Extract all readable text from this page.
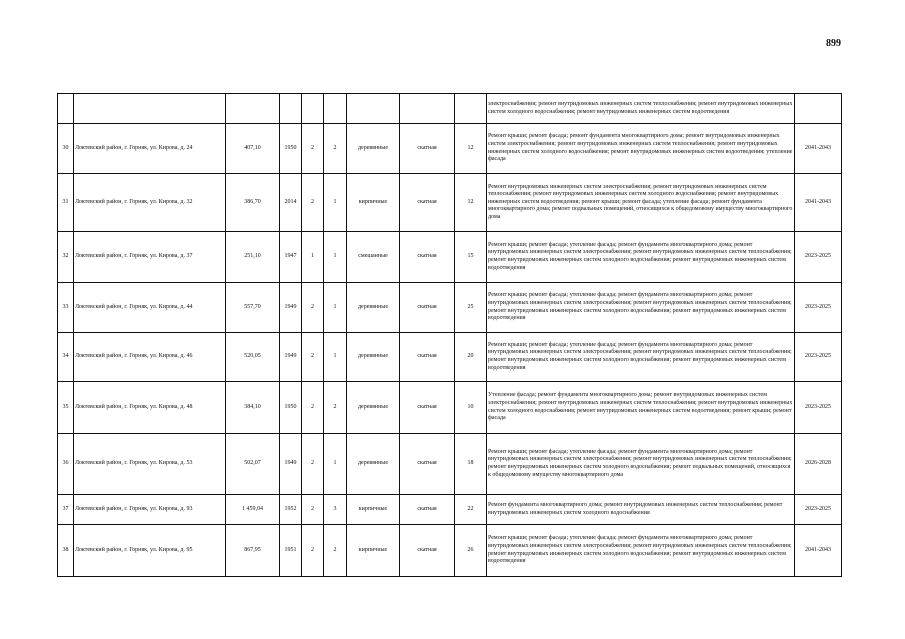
899
									электроснабжения; ремонт внутридомовых инженерных систем теплоснабжения; ремонт внутридомовых инженерных систем холодного водоснабжения; ремонт внутридомовых инженерных систем водоотведения	
30	Локтевский район, г. Горняк, ул. Кирова, д. 24	407,10	1950	2	2	деревянные	скатная	12	Ремонт крыши; ремонт фасада; ремонт фундамента многоквартирного дома; ремонт внутридомовых инженерных систем электроснабжения; ремонт внутридомовых инженерных систем теплоснабжения; ремонт внутридомовых инженерных систем холодного водоснабжения; ремонт внутридомовых инженерных систем водоотведения; утепление фасада	2041-2043
31	Локтевский район, г. Горняк, ул. Кирова, д. 32	386,70	2014	2	1	кирпичные	скатная	12	Ремонт внутридомовых инженерных систем электроснабжения; ремонт внутридомовых инженерных систем теплоснабжения; ремонт внутридомовых инженерных систем холодного водоснабжения; ремонт внутридомовых инженерных систем водоотведения; ремонт крыши; ремонт фасада; утепление фасада; ремонт фундамента многоквартирного дома; ремонт подвальных помещений, относящихся к общедомовому имуществу многоквартирного дома	2041-2043
32	Локтевский район, г. Горняк, ул. Кирова, д. 37	251,10	1947	1	1	смешанные	скатная	15	Ремонт крыши; ремонт фасада; утепление фасада; ремонт фундамента многоквартирного дома; ремонт внутридомовых инженерных систем электроснабжения; ремонт внутридомовых инженерных систем теплоснабжения; ремонт внутридомовых инженерных систем холодного водоснабжения; ремонт внутридомовых инженерных систем водоотведения	2023-2025
33	Локтевский район, г. Горняк, ул. Кирова, д. 44	557,70	1949	2	1	деревянные	скатная	25	Ремонт крыши; ремонт фасада; утепление фасада; ремонт фундамента многоквартирного дома; ремонт внутридомовых инженерных систем электроснабжения; ремонт внутридомовых инженерных систем теплоснабжения; ремонт внутридомовых инженерных систем холодного водоснабжения; ремонт внутридомовых инженерных систем водоотведения	2023-2025
34	Локтевский район, г. Горняк, ул. Кирова, д. 46	520,05	1949	2	1	деревянные	скатная	20	Ремонт крыши; ремонт фасада; утепление фасада; ремонт фундамента многоквартирного дома; ремонт внутридомовых инженерных систем электроснабжения; ремонт внутридомовых инженерных систем теплоснабжения; ремонт внутридомовых инженерных систем холодного водоснабжения; ремонт внутридомовых инженерных систем водоотведения	2023-2025
35	Локтевский район, г. Горняк, ул. Кирова, д. 48	384,10	1950	2	2	деревянные	скатная	10	Утепление фасада; ремонт фундамента многоквартирного дома; ремонт внутридомовых инженерных систем электроснабжения; ремонт внутридомовых инженерных систем теплоснабжения; ремонт внутридомовых инженерных систем холодного водоснабжения; ремонт внутридомовых инженерных систем водоотведения; ремонт крыши; ремонт фасада	2023-2025
36	Локтевский район, г. Горняк, ул. Кирова, д. 53	502,07	1949	2	1	деревянные	скатная	18	Ремонт крыши; ремонт фасада; утепление фасада; ремонт фундамента многоквартирного дома; ремонт внутридомовых инженерных систем электроснабжения; ремонт внутридомовых инженерных систем теплоснабжения; ремонт внутридомовых инженерных систем холодного водоснабжения; ремонт подвальных помещений, относящихся к общедомовому имуществу многоквартирного дома	2026-2028
37	Локтевский район, г. Горняк, ул. Кирова, д. 93	1 459,04	1952	2	3	кирпичные	скатная	22	Ремонт фундамента многоквартирного дома; ремонт внутридомовых инженерных систем теплоснабжения; ремонт внутридомовых инженерных систем холодного водоснабжения	2023-2025
38	Локтевский район, г. Горняк, ул. Кирова, д. 95	867,95	1951	2	2	кирпичные	скатная	26	Ремонт крыши; ремонт фасада; утепление фасада; ремонт фундамента многоквартирного дома; ремонт внутридомовых инженерных систем электроснабжения; ремонт внутридомовых инженерных систем теплоснабжения; ремонт внутридомовых инженерных систем холодного водоснабжения; ремонт внутридомовых инженерных систем водоотведения	2041-2043
